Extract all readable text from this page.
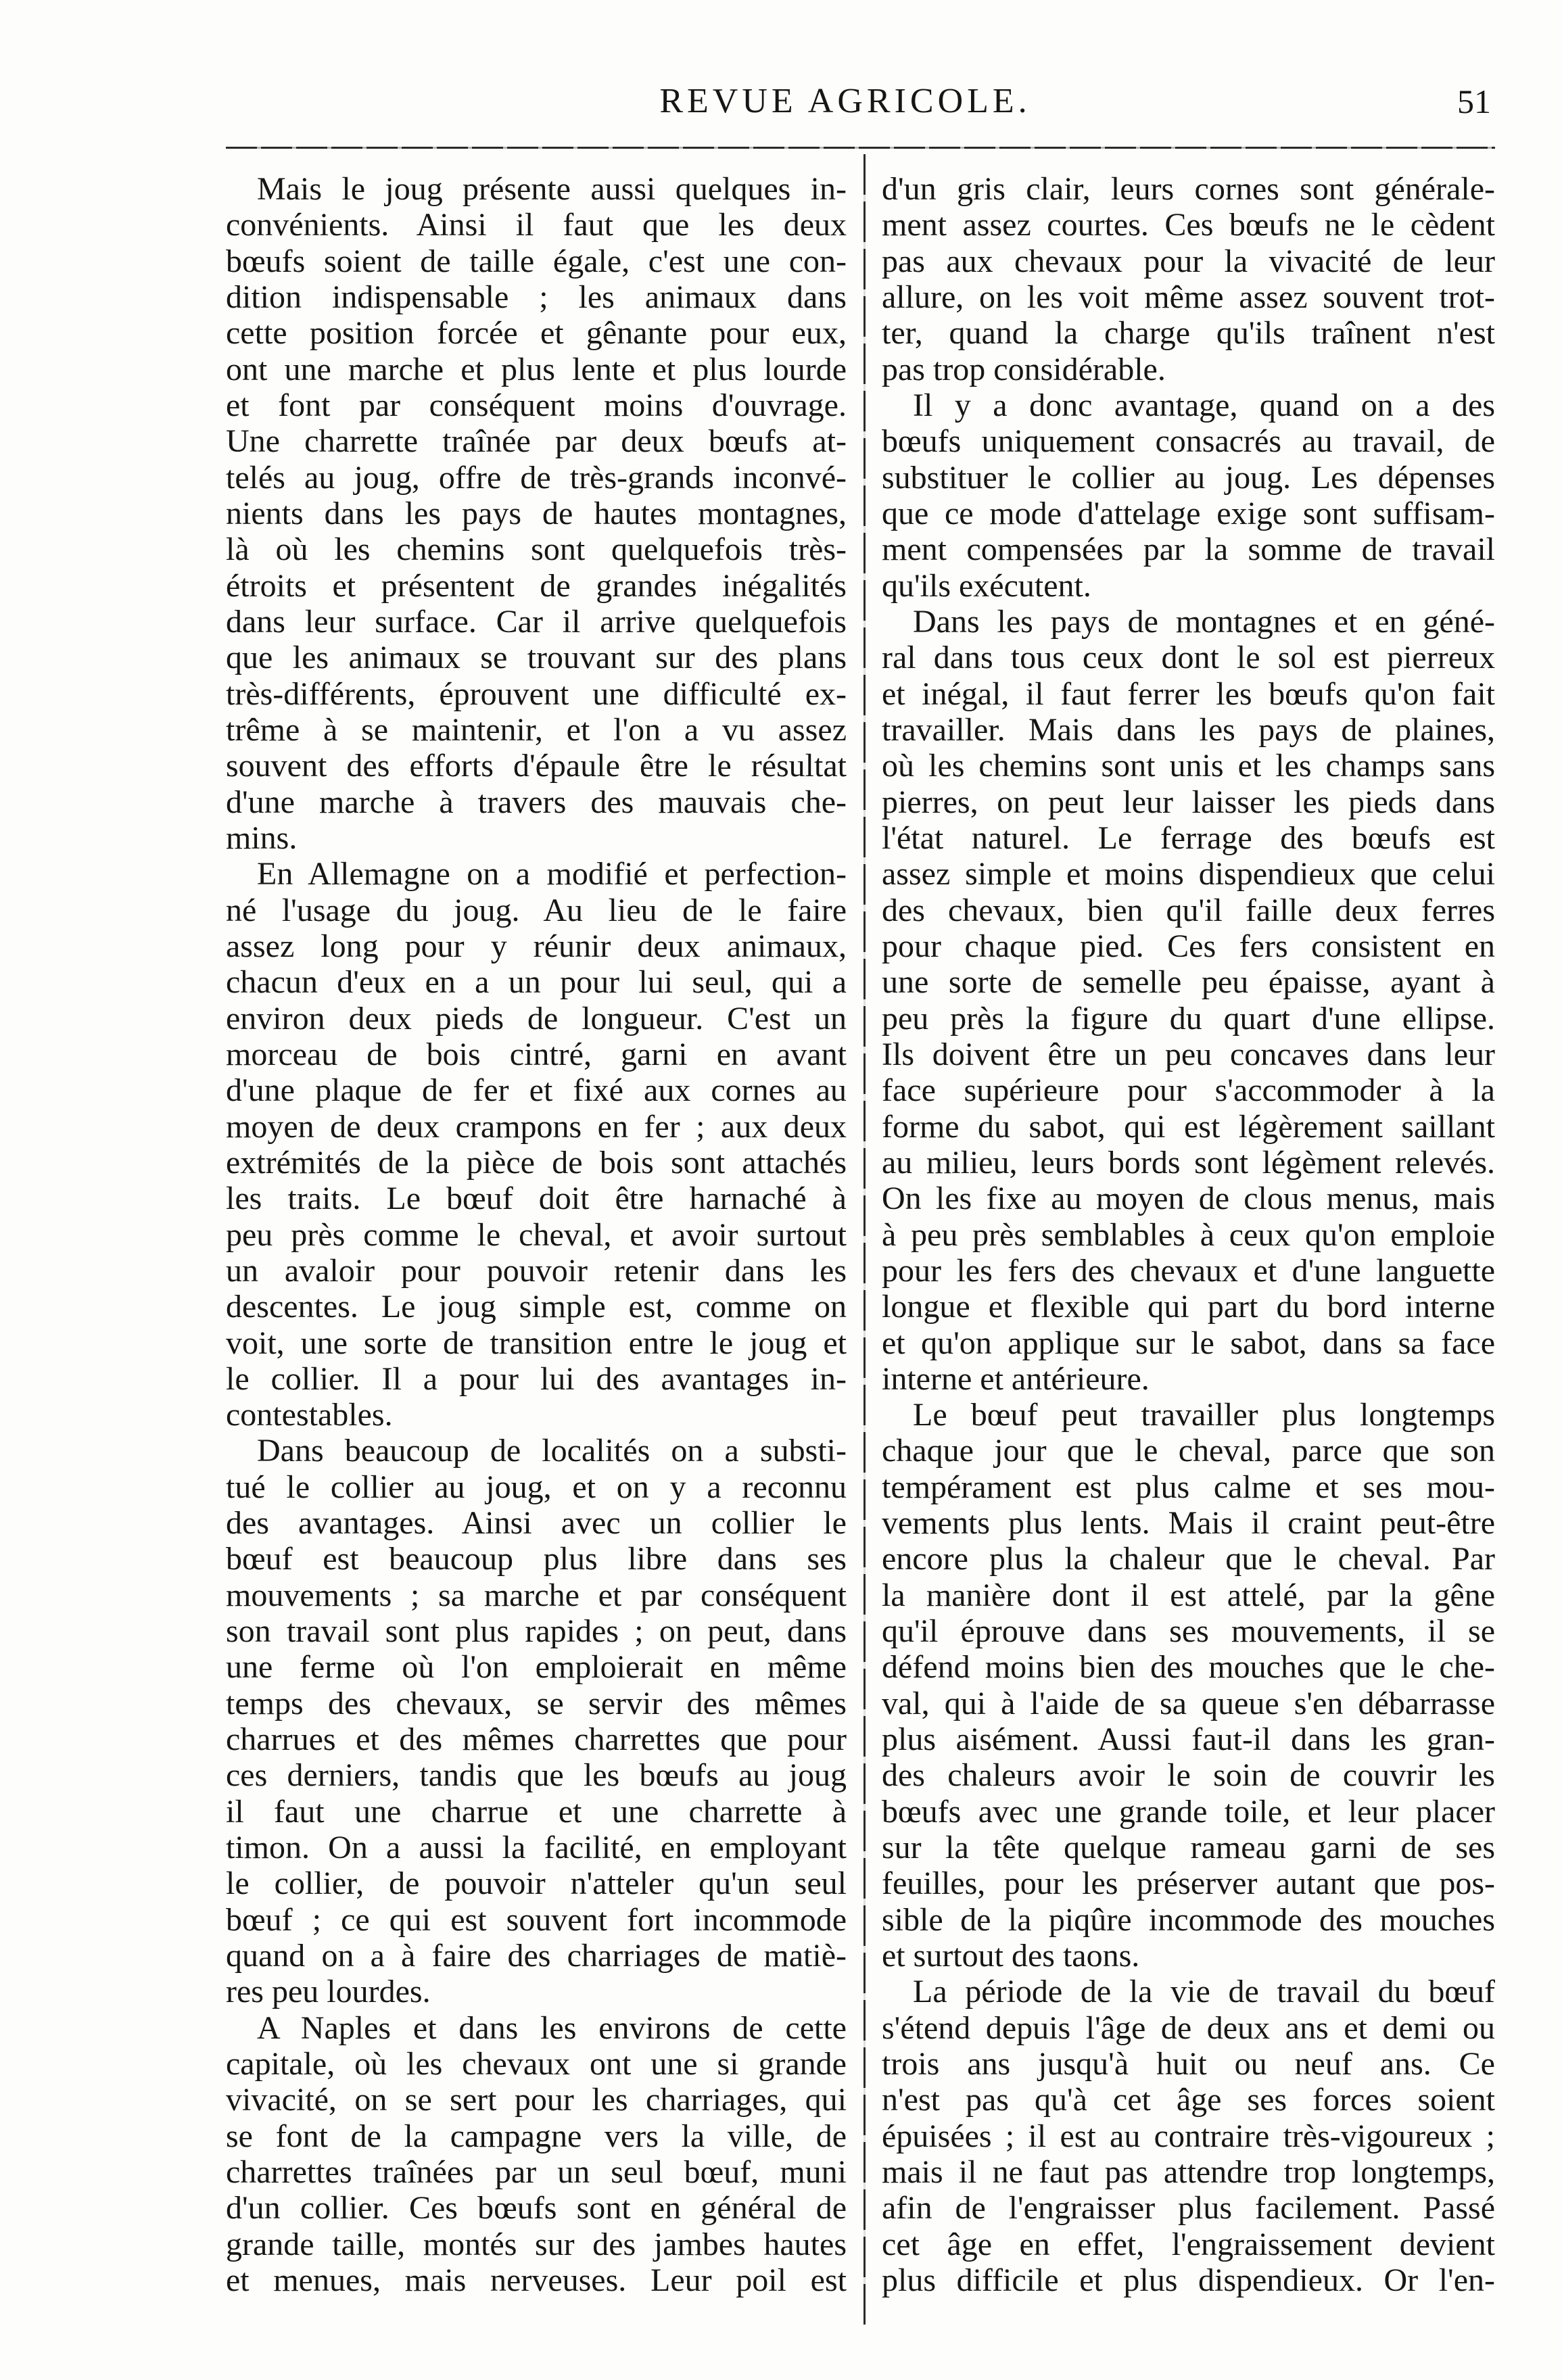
REVUE AGRICOLE.	51
Mais le joug présente aussi quelques in-
convénients. Ainsi il faut que les deux
bœufs soient de taille égale, c'est une con-
dition indispensable ; les animaux dans
cette position forcée et gênante pour eux,
ont une marche et plus lente et plus lourde
et font par conséquent moins d'ouvrage.
Une charrette traînée par deux bœufs at-
telés au joug, offre de très-grands inconvé-
nients dans les pays de hautes montagnes,
là où les chemins sont quelquefois très-
étroits et présentent de grandes inégalités
dans leur surface. Car il arrive quelquefois
que les animaux se trouvant sur des plans
très-différents, éprouvent une difficulté ex-
trême à se maintenir, et l'on a vu assez
souvent des efforts d'épaule être le résultat
d'une marche à travers des mauvais che-
mins.
En Allemagne on a modifié et perfection-
né l'usage du joug. Au lieu de le faire
assez long pour y réunir deux animaux,
chacun d'eux en a un pour lui seul, qui a
environ deux pieds de longueur. C'est un
morceau de bois cintré, garni en avant
d'une plaque de fer et fixé aux cornes au
moyen de deux crampons en fer ; aux deux
extrémités de la pièce de bois sont attachés
les traits. Le bœuf doit être harnaché à
peu près comme le cheval, et avoir surtout
un avaloir pour pouvoir retenir dans les
descentes. Le joug simple est, comme on
voit, une sorte de transition entre le joug et
le collier. Il a pour lui des avantages in-
contestables.
Dans beaucoup de localités on a substi-
tué le collier au joug, et on y a reconnu
des avantages. Ainsi avec un collier le
bœuf est beaucoup plus libre dans ses
mouvements ; sa marche et par conséquent
son travail sont plus rapides ; on peut, dans
une ferme où l'on emploierait en même
temps des chevaux, se servir des mêmes
charrues et des mêmes charrettes que pour
ces derniers, tandis que les bœufs au joug
il faut une charrue et une charrette à
timon. On a aussi la facilité, en employant
le collier, de pouvoir n'atteler qu'un seul
bœuf ; ce qui est souvent fort incommode
quand on a à faire des charriages de matiè-
res peu lourdes.
A Naples et dans les environs de cette
capitale, où les chevaux ont une si grande
vivacité, on se sert pour les charriages, qui
se font de la campagne vers la ville, de
charrettes traînées par un seul bœuf, muni
d'un collier. Ces bœufs sont en général de
grande taille, montés sur des jambes hautes
et menues, mais nerveuses. Leur poil est
d'un gris clair, leurs cornes sont générale-
ment assez courtes. Ces bœufs ne le cèdent
pas aux chevaux pour la vivacité de leur
allure, on les voit même assez souvent trot-
ter, quand la charge qu'ils traînent n'est
pas trop considérable.
Il y a donc avantage, quand on a des
bœufs uniquement consacrés au travail, de
substituer le collier au joug. Les dépenses
que ce mode d'attelage exige sont suffisam-
ment compensées par la somme de travail
qu'ils exécutent.
Dans les pays de montagnes et en géné-
ral dans tous ceux dont le sol est pierreux
et inégal, il faut ferrer les bœufs qu'on fait
travailler. Mais dans les pays de plaines,
où les chemins sont unis et les champs sans
pierres, on peut leur laisser les pieds dans
l'état naturel. Le ferrage des bœufs est
assez simple et moins dispendieux que celui
des chevaux, bien qu'il faille deux ferres
pour chaque pied. Ces fers consistent en
une sorte de semelle peu épaisse, ayant à
peu près la figure du quart d'une ellipse.
Ils doivent être un peu concaves dans leur
face supérieure pour s'accommoder à la
forme du sabot, qui est légèrement saillant
au milieu, leurs bords sont légèment relevés.
On les fixe au moyen de clous menus, mais
à peu près semblables à ceux qu'on emploie
pour les fers des chevaux et d'une languette
longue et flexible qui part du bord interne
et qu'on applique sur le sabot, dans sa face
interne et antérieure.
Le bœuf peut travailler plus longtemps
chaque jour que le cheval, parce que son
tempérament est plus calme et ses mou-
vements plus lents. Mais il craint peut-être
encore plus la chaleur que le cheval. Par
la manière dont il est attelé, par la gêne
qu'il éprouve dans ses mouvements, il se
défend moins bien des mouches que le che-
val, qui à l'aide de sa queue s'en débarrasse
plus aisément. Aussi faut-il dans les gran-
des chaleurs avoir le soin de couvrir les
bœufs avec une grande toile, et leur placer
sur la tête quelque rameau garni de ses
feuilles, pour les préserver autant que pos-
sible de la piqûre incommode des mouches
et surtout des taons.
La période de la vie de travail du bœuf
s'étend depuis l'âge de deux ans et demi ou
trois ans jusqu'à huit ou neuf ans. Ce
n'est pas qu'à cet âge ses forces soient
épuisées ; il est au contraire très-vigoureux ;
mais il ne faut pas attendre trop longtemps,
afin de l'engraisser plus facilement. Passé
cet âge en effet, l'engraissement devient
plus difficile et plus dispendieux. Or l'en-
